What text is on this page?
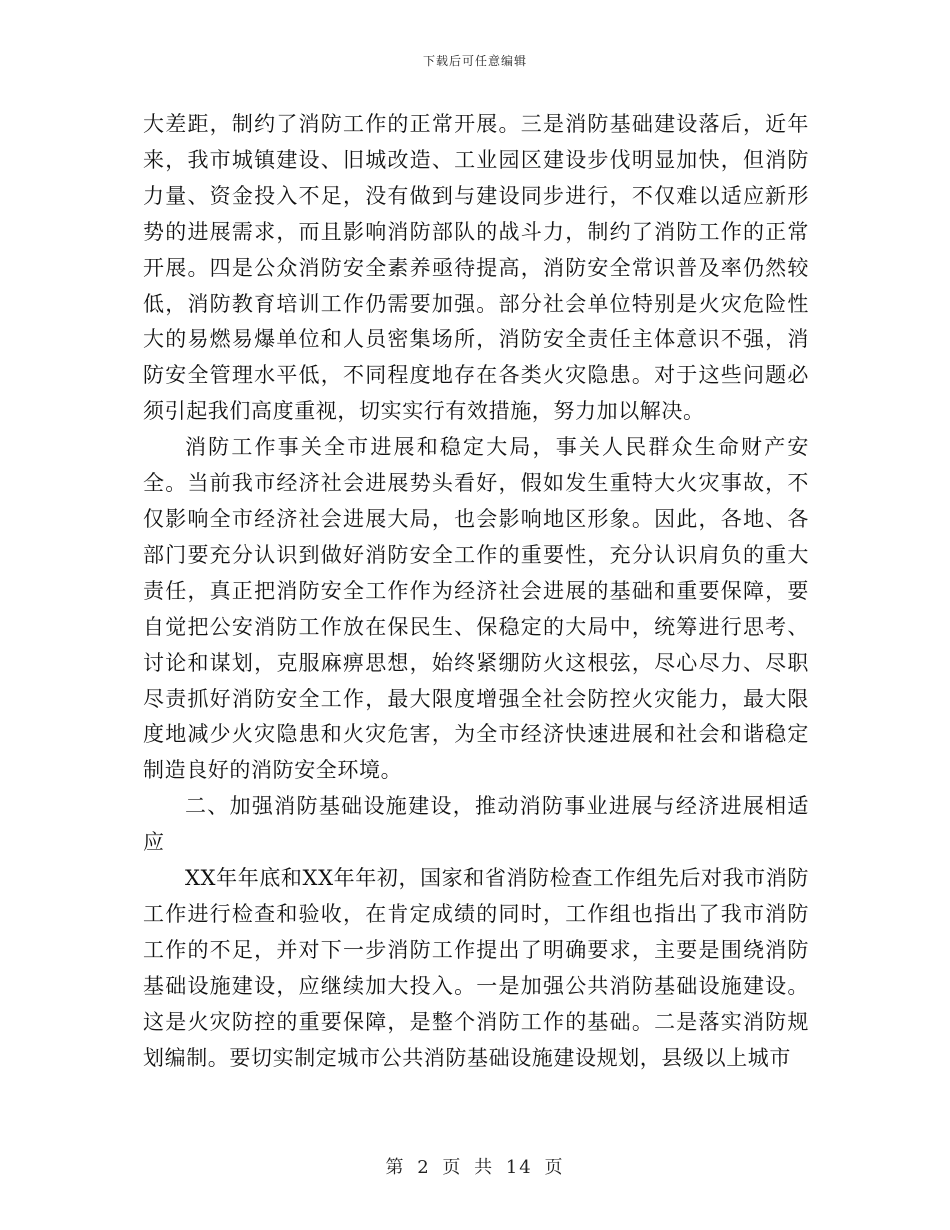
下载后可任意编辑

大差距，制约了消防工作的正常开展。三是消防基础建设落后，近年来，我市城镇建设、旧城改造、工业园区建设步伐明显加快，但消防力量、资金投入不足，没有做到与建设同步进行，不仅难以适应新形势的进展需求，而且影响消防部队的战斗力，制约了消防工作的正常开展。四是公众消防安全素养亟待提高，消防安全常识普及率仍然较低，消防教育培训工作仍需要加强。部分社会单位特别是火灾危险性大的易燃易爆单位和人员密集场所，消防安全责任主体意识不强，消防安全管理水平低，不同程度地存在各类火灾隐患。对于这些问题必须引起我们高度重视，切实实行有效措施，努力加以解决。

消防工作事关全市进展和稳定大局，事关人民群众生命财产安全。当前我市经济社会进展势头看好，假如发生重特大火灾事故，不仅影响全市经济社会进展大局，也会影响地区形象。因此，各地、各部门要充分认识到做好消防安全工作的重要性，充分认识肩负的重大责任，真正把消防安全工作作为经济社会进展的基础和重要保障，要自觉把公安消防工作放在保民生、保稳定的大局中，统筹进行思考、讨论和谋划，克服麻痹思想，始终紧绷防火这根弦，尽心尽力、尽职尽责抓好消防安全工作，最大限度增强全社会防控火灾能力，最大限度地减少火灾隐患和火灾危害，为全市经济快速进展和社会和谐稳定制造良好的消防安全环境。

二、加强消防基础设施建设，推动消防事业进展与经济进展相适应

XX年年底和XX年年初，国家和省消防检查工作组先后对我市消防工作进行检查和验收，在肯定成绩的同时，工作组也指出了我市消防工作的不足，并对下一步消防工作提出了明确要求，主要是围绕消防基础设施建设，应继续加大投入。一是加强公共消防基础设施建设。这是火灾防控的重要保障，是整个消防工作的基础。二是落实消防规划编制。要切实制定城市公共消防基础设施建设规划，县级以上城市

第 2 页 共 14 页
